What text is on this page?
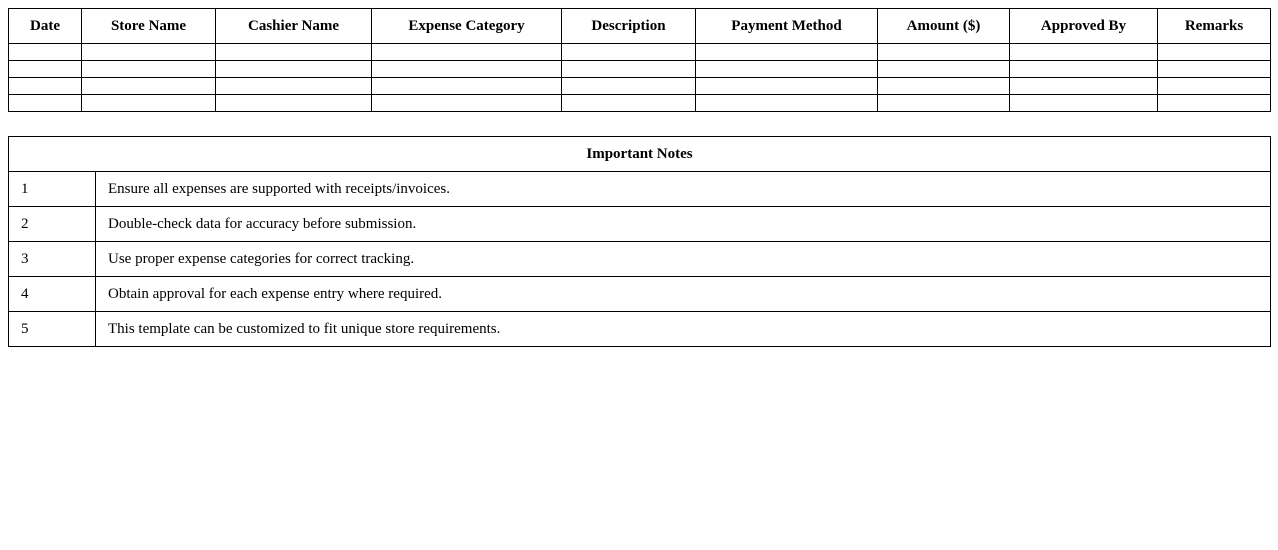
Date	Store Name	Cashier Name	Expense Category	Description	Payment Method	Amount ($)	Approved By	Remarks

Important Notes	
1	Ensure all expenses are supported with receipts/invoices.
2	Double-check data for accuracy before submission.
3	Use proper expense categories for correct tracking.
4	Obtain approval for each expense entry where required.
5	This template can be customized to fit unique store requirements.
